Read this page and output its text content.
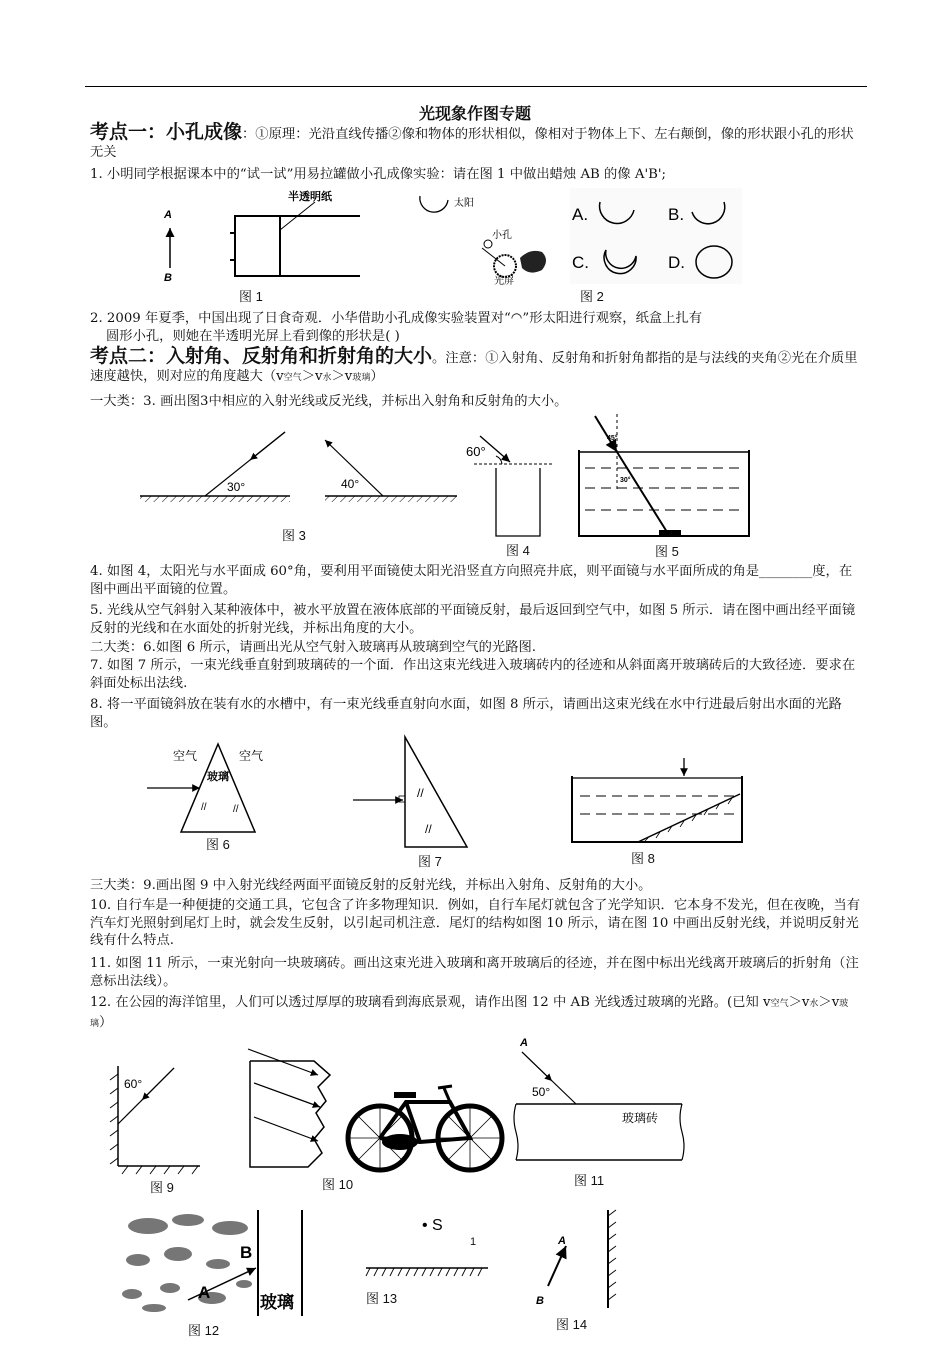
光现象作图专题
考点一：小孔成像：①原理：光沿直线传播②像和物体的形状相似，像相对于物体上下、左右颠倒，像的形状跟小孔的形状无关
1. 小明同学根据课本中的“试一试”用易拉罐做小孔成像实验：请在图 1 中做出蜡烛 AB 的像 A'B';
A
B
半透明纸
图 1
太阳
小孔
光屏
A.	B.
C.	D.
图 2
2. 2009 年夏季，中国出现了日食奇观．小华借助小孔成像实验装置对“◠”形太阳进行观察，纸盒上扎有
圆形小孔，则她在半透明光屏上看到像的形状是( )
考点二：入射角、反射角和折射角的大小。注意：①入射角、反射角和折射角都指的是与法线的夹角②光在介质里速度越快，则对应的角度越大（v空气＞v水＞v玻璃）
一大类：3. 画出图3中相应的入射光线或反光线，并标出入射角和反射角的大小。
30°	40°
图 3
60°
图 4
45°
30°
图 5
4. 如图 4，太阳光与水平面成 60°角，要利用平面镜使太阳光沿竖直方向照亮井底，则平面镜与水平面所成的角是________度，在图中画出平面镜的位置。
5. 光线从空气斜射入某种液体中，被水平放置在液体底部的平面镜反射，最后返回到空气中，如图 5 所示．请在图中画出经平面镜反射的光线和在水面处的折射光线，并标出角度的大小。
二大类：6.如图 6 所示，请画出光从空气射入玻璃再从玻璃到空气的光路图.
7. 如图 7 所示，一束光线垂直射到玻璃砖的一个面．作出这束光线进入玻璃砖内的径迹和从斜面离开玻璃砖后的大致径迹．要求在斜面处标出法线.
8. 将一平面镜斜放在装有水的水槽中，有一束光线垂直射向水面，如图 8 所示，请画出这束光线在水中行进最后射出水面的光路图。
空气	空气
玻璃
//	//
图 6
//
//
图 7	图 8
三大类：9.画出图 9 中入射光线经两面平面镜反射的反射光线，并标出入射角、反射角的大小。
10. 自行车是一种便捷的交通工具，它包含了许多物理知识．例如，自行车尾灯就包含了光学知识．它本身不发光，但在夜晚，当有汽车灯光照射到尾灯上时，就会发生反射，以引起司机注意．尾灯的结构如图 10 所示，请在图 10 中画出反射光线，并说明反射光线有什么特点.
11. 如图 11 所示，一束光射向一块玻璃砖。画出这束光进入玻璃和离开玻璃后的径迹，并在图中标出光线离开玻璃后的折射角（注意标出法线）。
12. 在公园的海洋馆里，人们可以透过厚厚的玻璃看到海底景观，请作出图 12 中 AB 光线透过玻璃的光路。(已知 v空气＞v水＞v玻璃）
60°
图 9	图 10
A
50°
玻璃砖
图 11
B
A
玻璃
图 12
• S
1
图 13
A
B
图 14
